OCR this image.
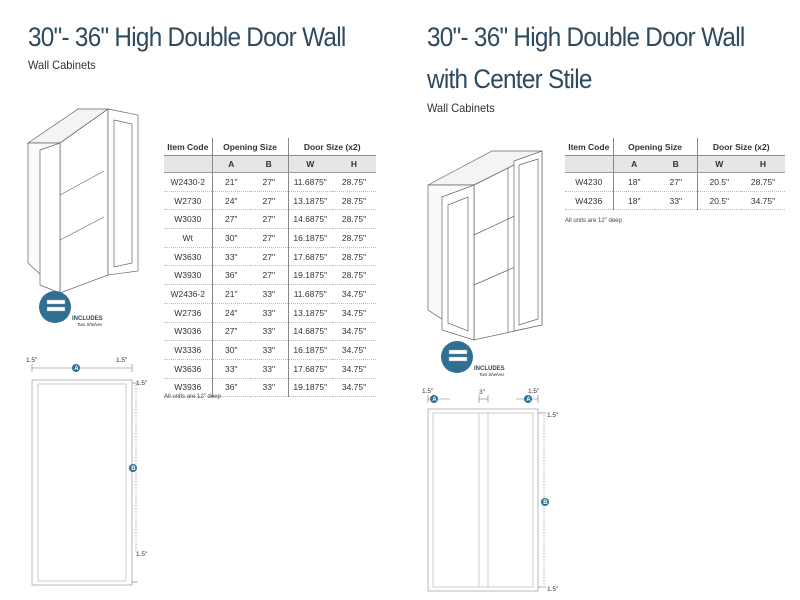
30"- 36" High Double Door Wall

Wall Cabinets

INCLUDES
Two Shelves
Item Code	Opening Size		Door Size (x2)	
	A	B	W	H
W2430-2	21"	27"	11.6875"	28.75"
W2730	24"	27"	13.1875"	28.75"
W3030	27"	27"	14.6875"	28.75"
Wt	30"	27"	16.1875"	28.75"
W3630	33"	27"	17.6875"	28.75"
W3930	36"	27"	19.1875"	28.75"
W2436-2	21"	33"	11.6875"	34.75"
W2736	24"	33"	13.1875"	34.75"
W3036	27"	33"	14.6875"	34.75"
W3336	30"	33"	16.1875"	34.75"
W3636	33"	33"	17.6875"	34.75"
W3936	36"	33"	19.1875"	34.75"
All units are 12" deep
1.5"	1.5"
1.5"
1.5"
A
B
30"- 36" High Double Door Wall
with Center Stile

Wall Cabinets

INCLUDES
Two Shelves
Item Code	Opening Size		Door Size (x2)	
	A	B	W	H
W4230	18"	27"	20.5"	28.75"
W4236	18"	33"	20.5"	34.75"
All units are 12" deep
1.5"	3"	1.5"
1.5"
1.5"
A	A
B
